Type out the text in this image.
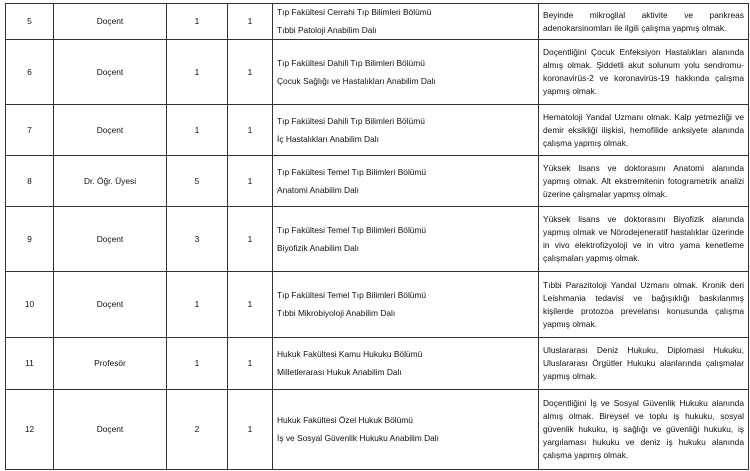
5	Doçent	1	1	Tıp Fakültesi Cerrahi Tıp Bilimleri Bölümü
Tıbbi Patoloji Anabilim Dalı	Beyinde mikroglial aktivite ve pankreas adenokarsinomları ile ilgili çalışma yapmış olmak.
6	Doçent	1	1	Tıp Fakültesi Dahili Tıp Bilimleri Bölümü
Çocuk Sağlığı ve Hastalıkları Anabilim Dalı	Doçentliğini Çocuk Enfeksiyon Hastalıkları alanında almış olmak. Şiddetli akut solunum yolu sendromu-koronavirüs-2 ve koronavirüs-19 hakkında çalışma yapmış olmak.
7	Doçent	1	1	Tıp Fakültesi Dahili Tıp Bilimleri Bölümü
İç Hastalıkları Anabilim Dalı	Hematoloji Yandal Uzmanı olmak. Kalp yetmezliği ve demir eksikliği ilişkisi, hemofilide anksiyete alanında çalışma yapmış olmak.
8	Dr. Öğr. Üyesi	5	1	Tıp Fakültesi Temel Tıp Bilimleri Bölümü
Anatomi Anabilim Dalı	Yüksek lisans ve doktorasını Anatomi alanında yapmış olmak. Alt ekstremitenin fotogrametrik analizi üzerine çalışmalar yapmış olmak.
9	Doçent	3	1	Tıp Fakültesi Temel Tıp Bilimleri Bölümü
Biyofizik Anabilim Dalı	Yüksek lisans ve doktorasını Biyofizik alanında yapmış olmak ve Nörodejeneratif hastalıklar üzerinde in vivo elektrofizyoloji ve in vitro yama kenetleme çalışmaları yapmış olmak.
10	Doçent	1	1	Tıp Fakültesi Temel Tıp Bilimleri Bölümü
Tıbbi Mikrobiyoloji Anabilim Dalı	Tıbbi Parazitoloji Yandal Uzmanı olmak. Kronik deri Leishmania tedavisi ve bağışıklığı baskılanmış kişilerde protozoa prevelansı konusunda çalışma yapmış olmak.
11	Profesör	1	1	Hukuk Fakültesi Kamu Hukuku Bölümü
Milletlerarası Hukuk Anabilim Dalı	Uluslararası Deniz Hukuku, Diplomasi Hukuku, Uluslararası Örgütler Hukuku alanlarında çalışmalar yapmış olmak.
12	Doçent	2	1	Hukuk Fakültesi Özel Hukuk Bölümü
İş ve Sosyal Güvenlik Hukuku Anabilim Dalı	Doçentliğini İş ve Sosyal Güvenlik Hukuku alanında almış olmak. Bireysel ve toplu iş hukuku, sosyal güvenlik hukuku, iş sağlığı ve güvenliği hukuku, iş yargılaması hukuku ve deniz iş hukuku alanında çalışma yapmış olmak.
